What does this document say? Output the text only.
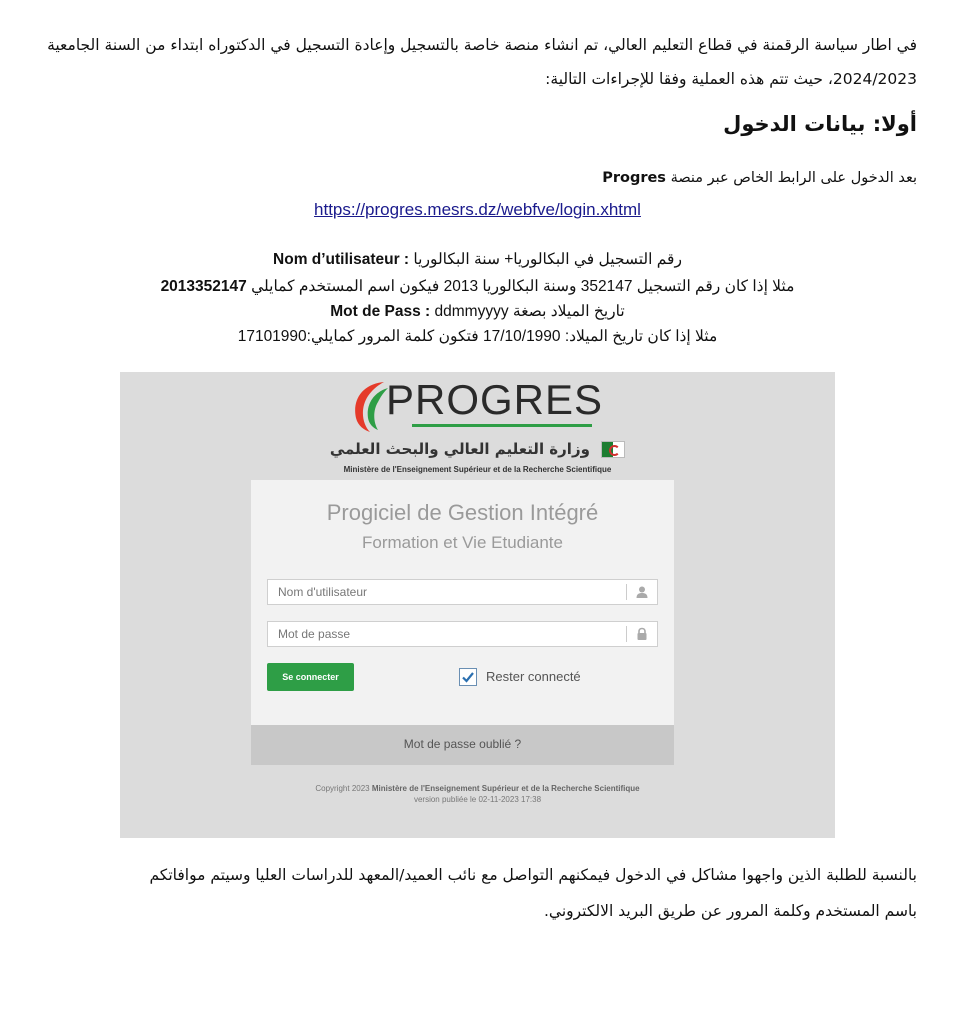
في اطار سياسة الرقمنة في قطاع التعليم العالي، تم انشاء منصة خاصة بالتسجيل وإعادة التسجيل في الدكتوراه ابتداء من السنة الجامعية
2024/2023، حيث تتم هذه العملية وفقا للإجراءات التالية:

أولا: بيانات الدخول

بعد الدخول على الرابط الخاص عبر منصة Progres

https://progres.mesrs.dz/webfve/login.xhtml
Nom d’utilisateur : رقم التسجيل في البكالوريا+ سنة البكالوريا
مثلا إذا كان رقم التسجيل 352147 وسنة البكالوريا 2013 فيكون اسم المستخدم كمايلي 2013352147
Mot de Pass : ddmmyyyy تاريخ الميلاد بصغة
مثلا إذا كان تاريخ الميلاد: 17/10/1990 فتكون كلمة المرور كمايلي:17101990
PROGRES
وزارة التعليم العالي والبحث العلمي
Ministère de l'Enseignement Supérieur et de la Recherche Scientifique
Progiciel de Gestion Intégré
Formation et Vie Etudiante
Nom d'utilisateur
Se connecter	Rester connecté
Mot de passe oublié ?
Copyright 2023 Ministère de l'Enseignement Supérieur et de la Recherche Scientifique
version publiée le 02-11-2023 17:38

بالنسبة للطلبة الذين واجهوا مشاكل في الدخول فيمكنهم التواصل مع نائب العميد/المعهد للدراسات العليا وسيتم موافاتكم
باسم المستخدم وكلمة المرور عن طريق البريد الالكتروني.
